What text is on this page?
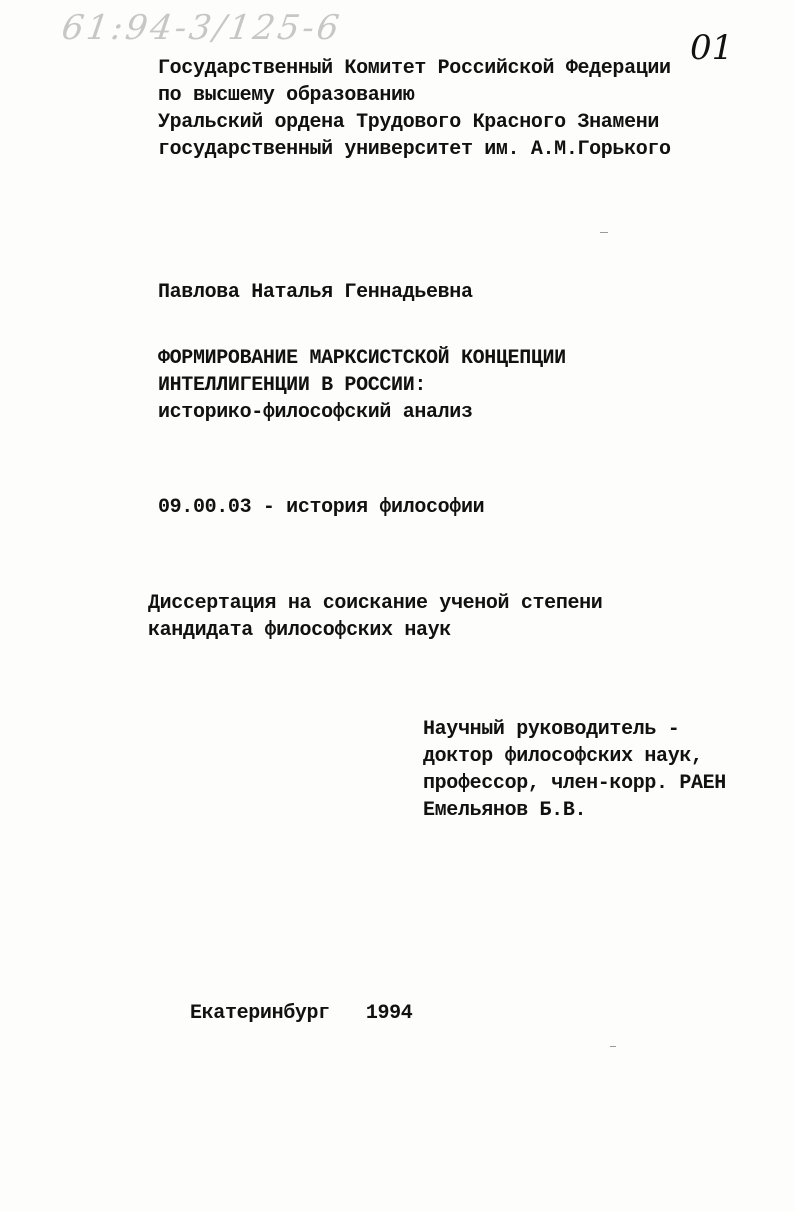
61:94-3/125-6	01
Государственный Комитет Российской Федерации
по высшему образованию
Уральский ордена Трудового Красного Знамени
государственный университет им. А.М.Горького
Павлова Наталья Геннадьевна
ФОРМИРОВАНИЕ МАРКСИСТСКОЙ КОНЦЕПЦИИ
ИНТЕЛЛИГЕНЦИИ В РОССИИ:
историко-философский анализ
09.00.03 - история философии
Диссертация на соискание ученой степени
кандидата философских наук
Научный руководитель -
доктор философских наук,
профессор, член-корр. РАЕН
Емельянов Б.В.
Екатеринбург 1994
